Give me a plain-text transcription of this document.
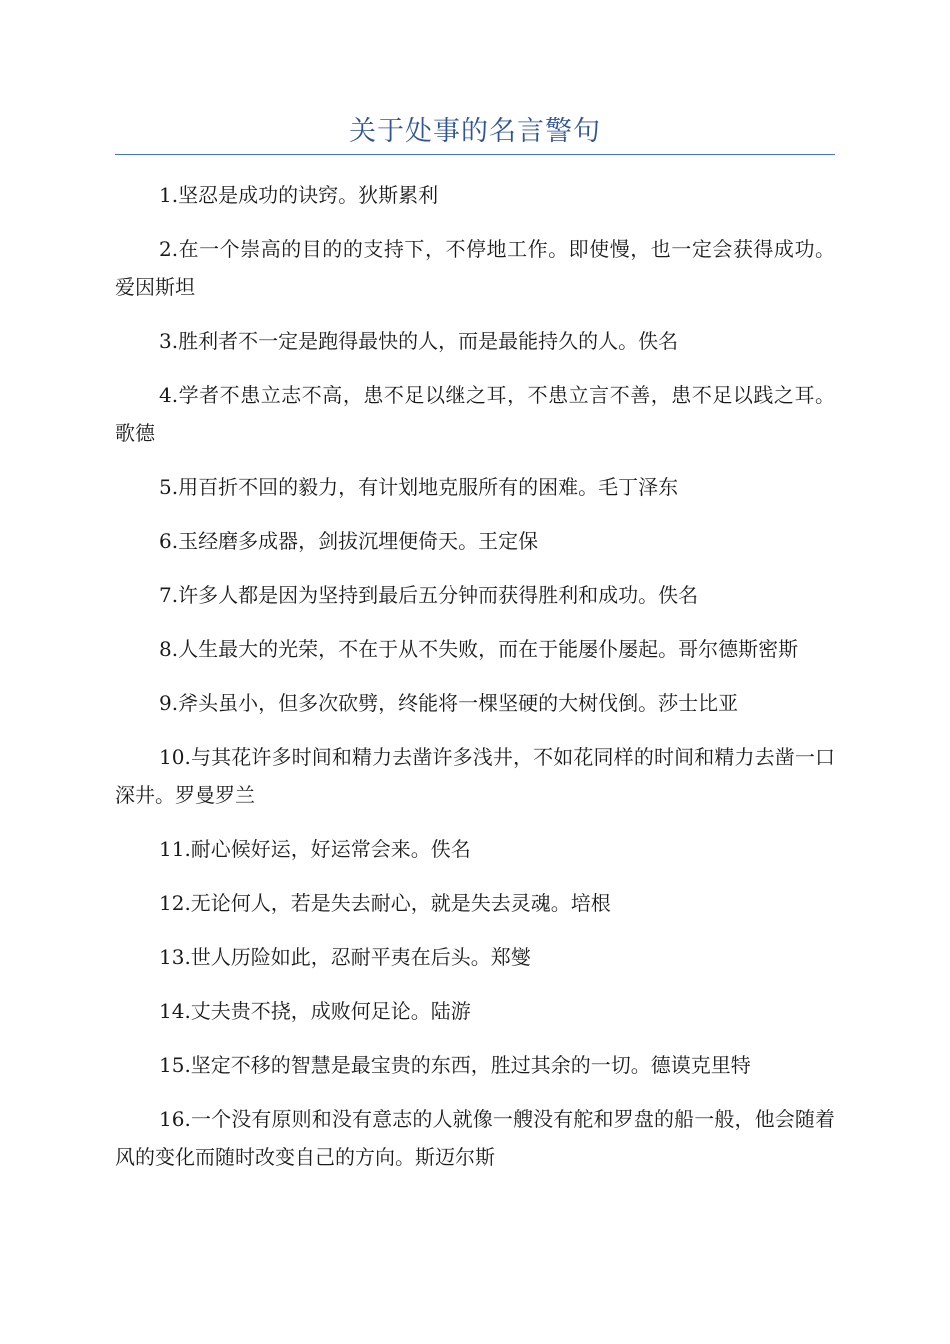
关于处事的名言警句
1.坚忍是成功的诀窍。狄斯累利
2.在一个崇高的目的的支持下，不停地工作。即使慢，也一定会获得成功。爱因斯坦
3.胜利者不一定是跑得最快的人，而是最能持久的人。佚名
4.学者不患立志不高，患不足以继之耳，不患立言不善，患不足以践之耳。歌德
5.用百折不回的毅力，有计划地克服所有的困难。毛丁泽东
6.玉经磨多成器，剑拔沉埋便倚天。王定保
7.许多人都是因为坚持到最后五分钟而获得胜利和成功。佚名
8.人生最大的光荣，不在于从不失败，而在于能屡仆屡起。哥尔德斯密斯
9.斧头虽小，但多次砍劈，终能将一棵坚硬的大树伐倒。莎士比亚
10.与其花许多时间和精力去凿许多浅井，不如花同样的时间和精力去凿一口深井。罗曼罗兰
11.耐心候好运，好运常会来。佚名
12.无论何人，若是失去耐心，就是失去灵魂。培根
13.世人历险如此，忍耐平夷在后头。郑燮
14.丈夫贵不挠，成败何足论。陆游
15.坚定不移的智慧是最宝贵的东西，胜过其余的一切。德谟克里特
16.一个没有原则和没有意志的人就像一艘没有舵和罗盘的船一般，他会随着风的变化而随时改变自己的方向。斯迈尔斯
